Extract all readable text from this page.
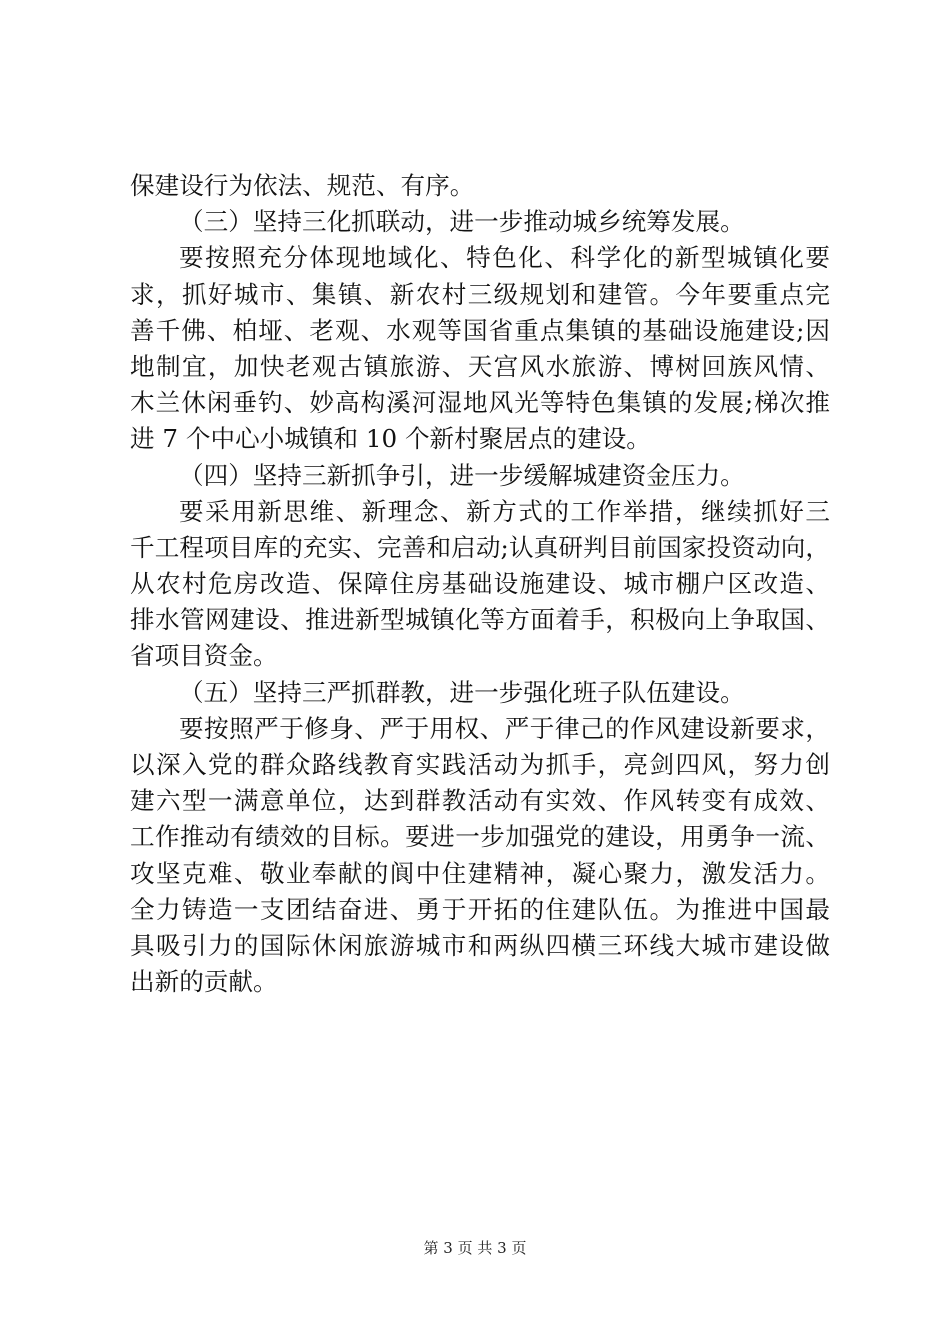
保建设行为依法、规范、有序。
（三）坚持三化抓联动，进一步推动城乡统筹发展。
要按照充分体现地域化、特色化、科学化的新型城镇化要
求，抓好城市、集镇、新农村三级规划和建管。今年要重点完
善千佛、柏垭、老观、水观等国省重点集镇的基础设施建设;因
地制宜，加快老观古镇旅游、天宫风水旅游、博树回族风情、
木兰休闲垂钓、妙高构溪河湿地风光等特色集镇的发展;梯次推
进 7 个中心小城镇和 10 个新村聚居点的建设。
（四）坚持三新抓争引，进一步缓解城建资金压力。
要采用新思维、新理念、新方式的工作举措，继续抓好三
千工程项目库的充实、完善和启动;认真研判目前国家投资动向，
从农村危房改造、保障住房基础设施建设、城市棚户区改造、
排水管网建设、推进新型城镇化等方面着手，积极向上争取国、
省项目资金。
（五）坚持三严抓群教，进一步强化班子队伍建设。
要按照严于修身、严于用权、严于律己的作风建设新要求，
以深入党的群众路线教育实践活动为抓手，亮剑四风，努力创
建六型一满意单位，达到群教活动有实效、作风转变有成效、
工作推动有绩效的目标。要进一步加强党的建设，用勇争一流、
攻坚克难、敬业奉献的阆中住建精神，凝心聚力，激发活力。
全力铸造一支团结奋进、勇于开拓的住建队伍。为推进中国最
具吸引力的国际休闲旅游城市和两纵四横三环线大城市建设做
出新的贡献。
第 3 页 共 3 页
